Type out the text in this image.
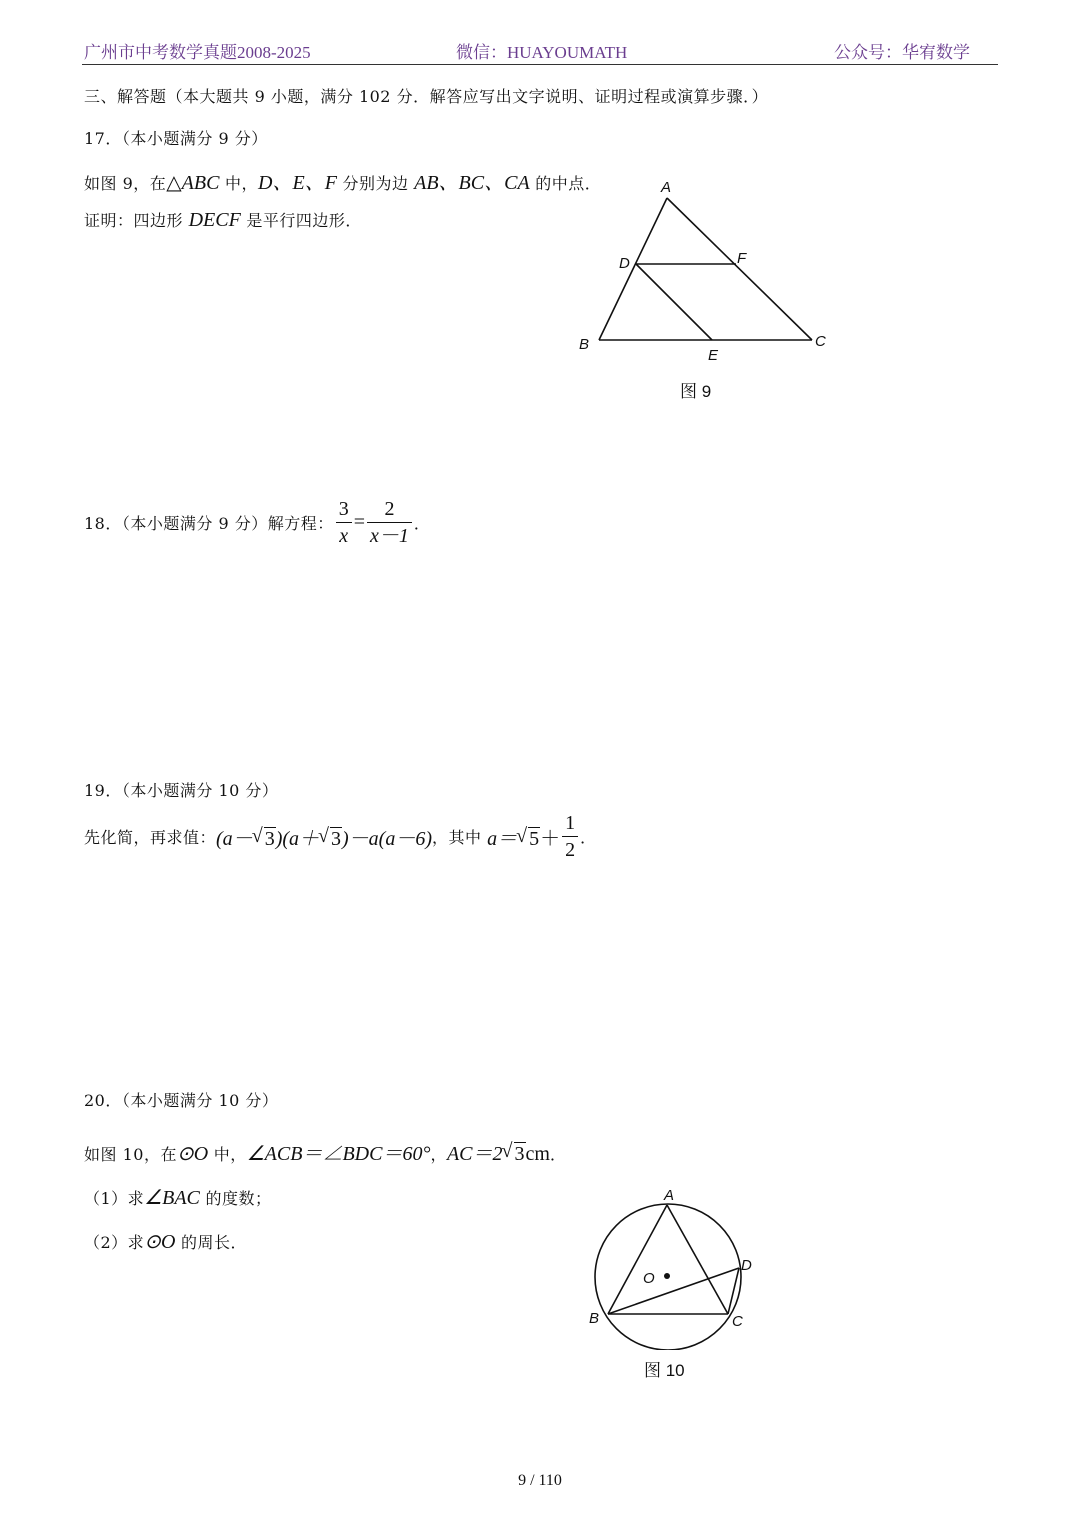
广州市中考数学真题2008-2025	微信：HUAYOUMATH	公众号：华宥数学
三、解答题（本大题共 9 小题，满分 102 分．解答应写出文字说明、证明过程或演算步骤．）
17．（本小题满分 9 分）
如图 9，在△ABC 中，D、E、F 分别为边 AB、BC、CA 的中点．
证明：四边形 DECF 是平行四边形．
A
B	C
D
E
F
图 9
18．（本小题满分 9 分）解方程： $\frac{3}{x} = \frac{2}{x-1}$ ．
19．（本小题满分 10 分）
先化简，再求值：(a－ √ 3)(a＋ √ 3)－a(a－6)，其中 a＝ √ $5+ \frac{1}{2}$ ．
20．（本小题满分 10 分）
如图 10，在⊙O 中，∠ACB＝∠BDC＝60°，AC＝2 √ 3cm．
（1）求∠BAC 的度数；
（2）求⊙O 的周长．
A
B	C
D
O
图 10
9 / 110
